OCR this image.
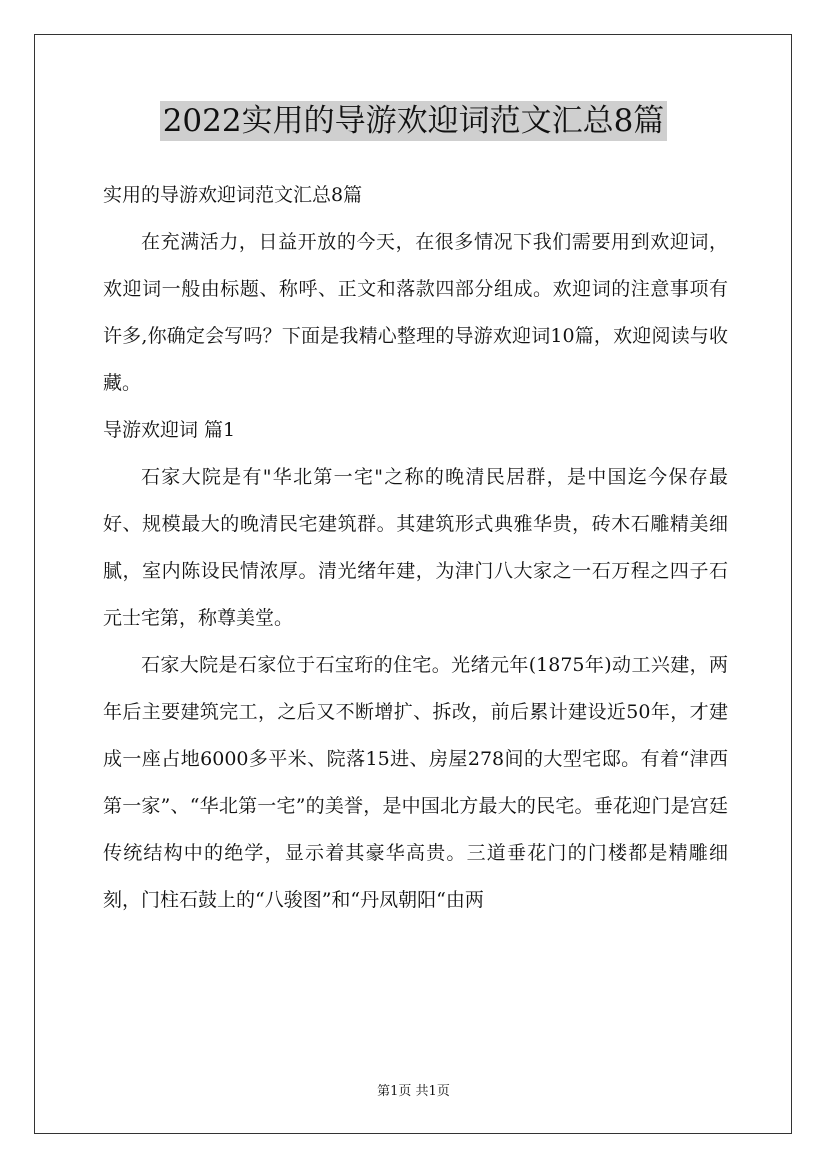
2022实用的导游欢迎词范文汇总8篇

实用的导游欢迎词范文汇总8篇

在充满活力，日益开放的今天，在很多情况下我们需要用到欢迎词，欢迎词一般由标题、称呼、正文和落款四部分组成。欢迎词的注意事项有许多,你确定会写吗？下面是我精心整理的导游欢迎词10篇，欢迎阅读与收藏。

导游欢迎词 篇1

石家大院是有"华北第一宅"之称的晚清民居群，是中国迄今保存最好、规模最大的晚清民宅建筑群。其建筑形式典雅华贵，砖木石雕精美细腻，室内陈设民情浓厚。清光绪年建，为津门八大家之一石万程之四子石元士宅第，称尊美堂。

石家大院是石家位于石宝珩的住宅。光绪元年(1875年)动工兴建，两年后主要建筑完工，之后又不断增扩、拆改，前后累计建设近50年，才建成一座占地6000多平米、院落15进、房屋278间的大型宅邸。有着“津西第一家”、“华北第一宅”的美誉，是中国北方最大的民宅。垂花迎门是宫廷传统结构中的绝学，显示着其豪华高贵。三道垂花门的门楼都是精雕细刻，门柱石鼓上的“八骏图”和“丹凤朝阳“由两

第1页 共1页
